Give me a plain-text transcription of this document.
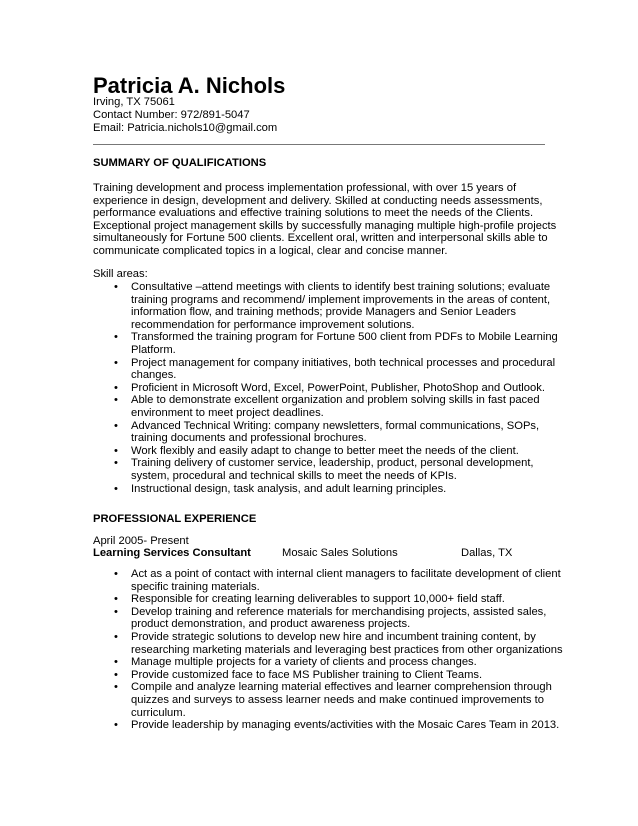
Patricia A. Nichols
Irving, TX 75061
Contact Number: 972/891-5047
Email: Patricia.nichols10@gmail.com
SUMMARY OF QUALIFICATIONS
Training development and process implementation professional, with over 15 years of
experience in design, development and delivery. Skilled at conducting needs assessments,
performance evaluations and effective training solutions to meet the needs of the Clients.
Exceptional project management skills by successfully managing multiple high-profile projects
simultaneously for Fortune 500 clients. Excellent oral, written and interpersonal skills able to
communicate complicated topics in a logical, clear and concise manner.
Skill areas:
• Consultative –attend meetings with clients to identify best training solutions; evaluate
training programs and recommend/ implement improvements in the areas of content,
information flow, and training methods; provide Managers and Senior Leaders
recommendation for performance improvement solutions.
• Transformed the training program for Fortune 500 client from PDFs to Mobile Learning
Platform.
• Project management for company initiatives, both technical processes and procedural
changes.
• Proficient in Microsoft Word, Excel, PowerPoint, Publisher, PhotoShop and Outlook.
• Able to demonstrate excellent organization and problem solving skills in fast paced
environment to meet project deadlines.
• Advanced Technical Writing: company newsletters, formal communications, SOPs,
training documents and professional brochures.
• Work flexibly and easily adapt to change to better meet the needs of the client.
• Training delivery of customer service, leadership, product, personal development,
system, procedural and technical skills to meet the needs of KPIs.
• Instructional design, task analysis, and adult learning principles.
PROFESSIONAL EXPERIENCE
April 2005- Present
Learning Services Consultant	Mosaic Sales Solutions	Dallas, TX
• Act as a point of contact with internal client managers to facilitate development of client
specific training materials.
• Responsible for creating learning deliverables to support 10,000+ field staff.
• Develop training and reference materials for merchandising projects, assisted sales,
product demonstration, and product awareness projects.
• Provide strategic solutions to develop new hire and incumbent training content, by
researching marketing materials and leveraging best practices from other organizations
• Manage multiple projects for a variety of clients and process changes.
• Provide customized face to face MS Publisher training to Client Teams.
• Compile and analyze learning material effectives and learner comprehension through
quizzes and surveys to assess learner needs and make continued improvements to
curriculum.
• Provide leadership by managing events/activities with the Mosaic Cares Team in 2013.
